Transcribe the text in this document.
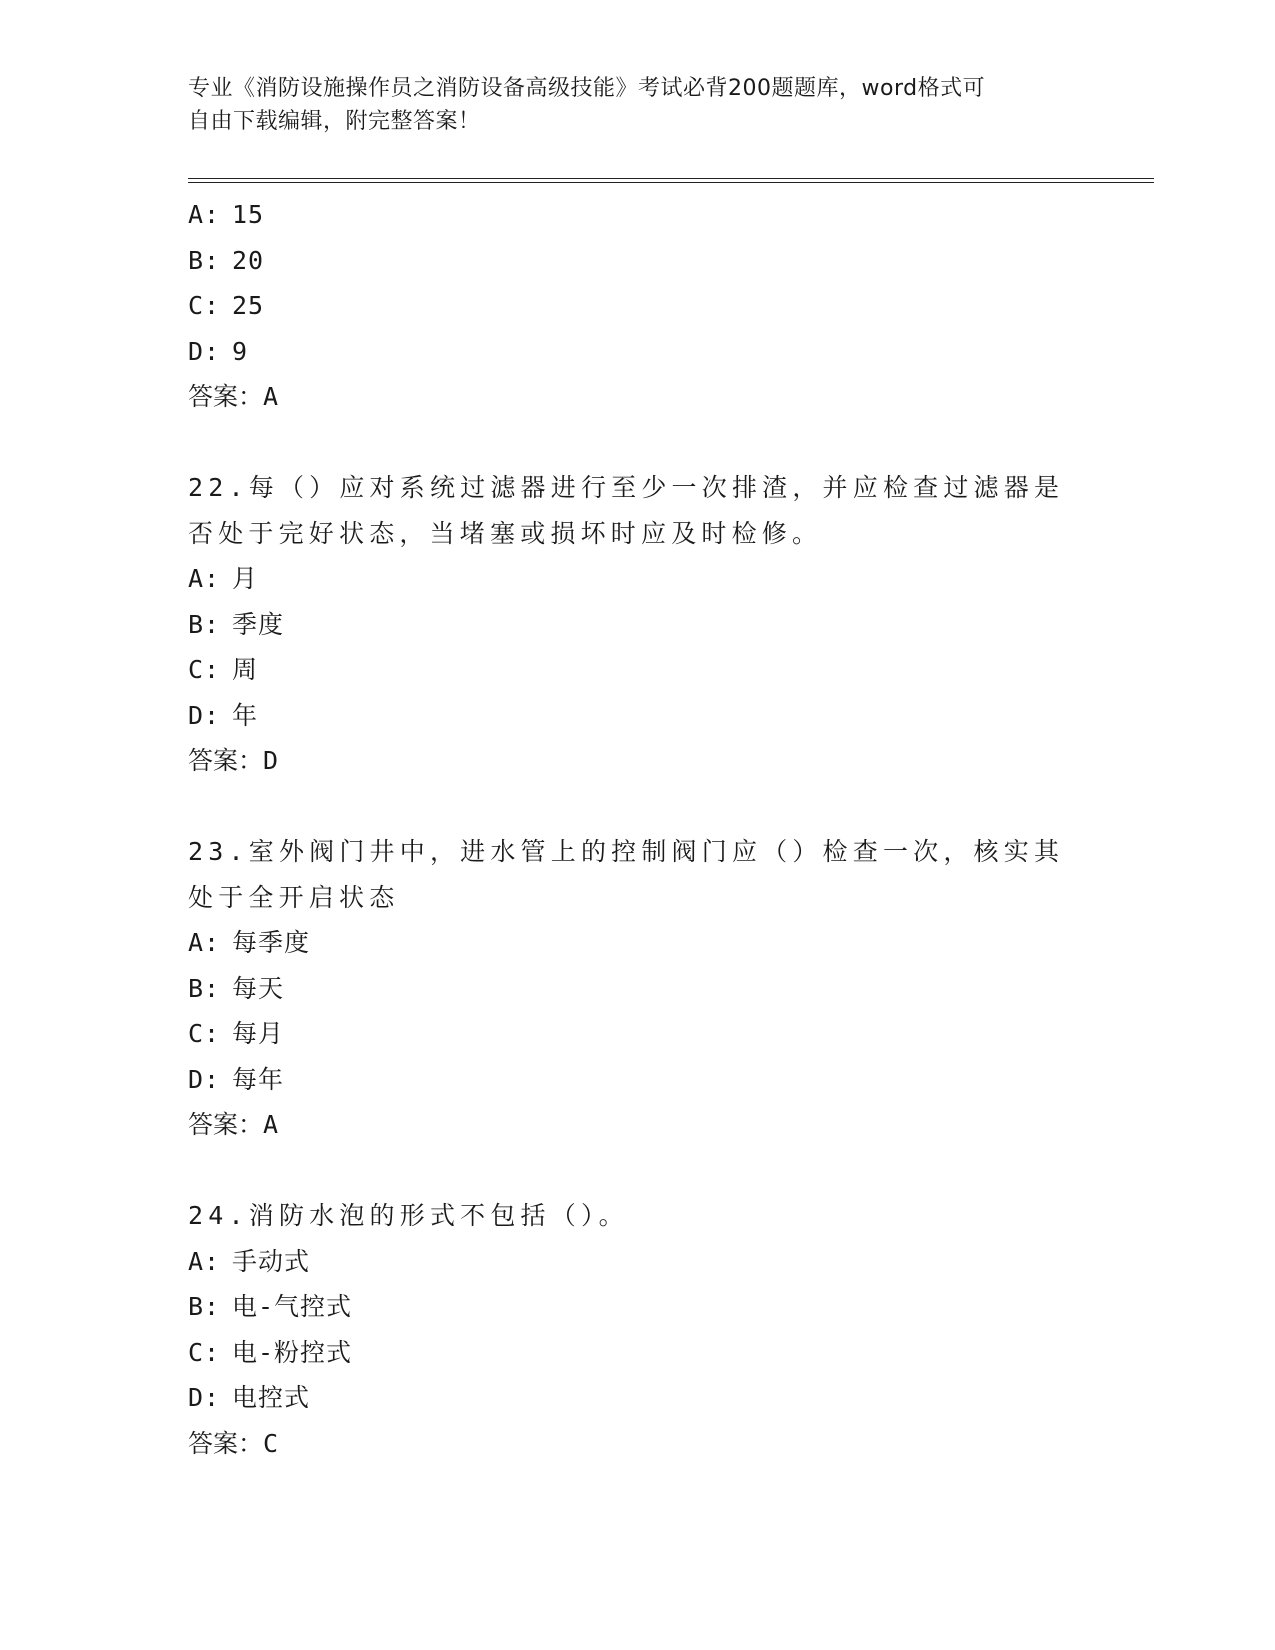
专业《消防设施操作员之消防设备高级技能》考试必背200题题库，word格式可
自由下载编辑，附完整答案！
A: 15
B: 20
C: 25
D: 9
答案：A
22.每（）应对系统过滤器进行至少一次排渣，并应检查过滤器是否处于完好状态，当堵塞或损坏时应及时检修。
A: 月
B: 季度
C: 周
D: 年
答案：D
23.室外阀门井中，进水管上的控制阀门应（）检查一次，核实其处于全开启状态
A: 每季度
B: 每天
C: 每月
D: 每年
答案：A
24.消防水泡的形式不包括（）。
A: 手动式
B: 电-气控式
C: 电-粉控式
D: 电控式
答案：C
